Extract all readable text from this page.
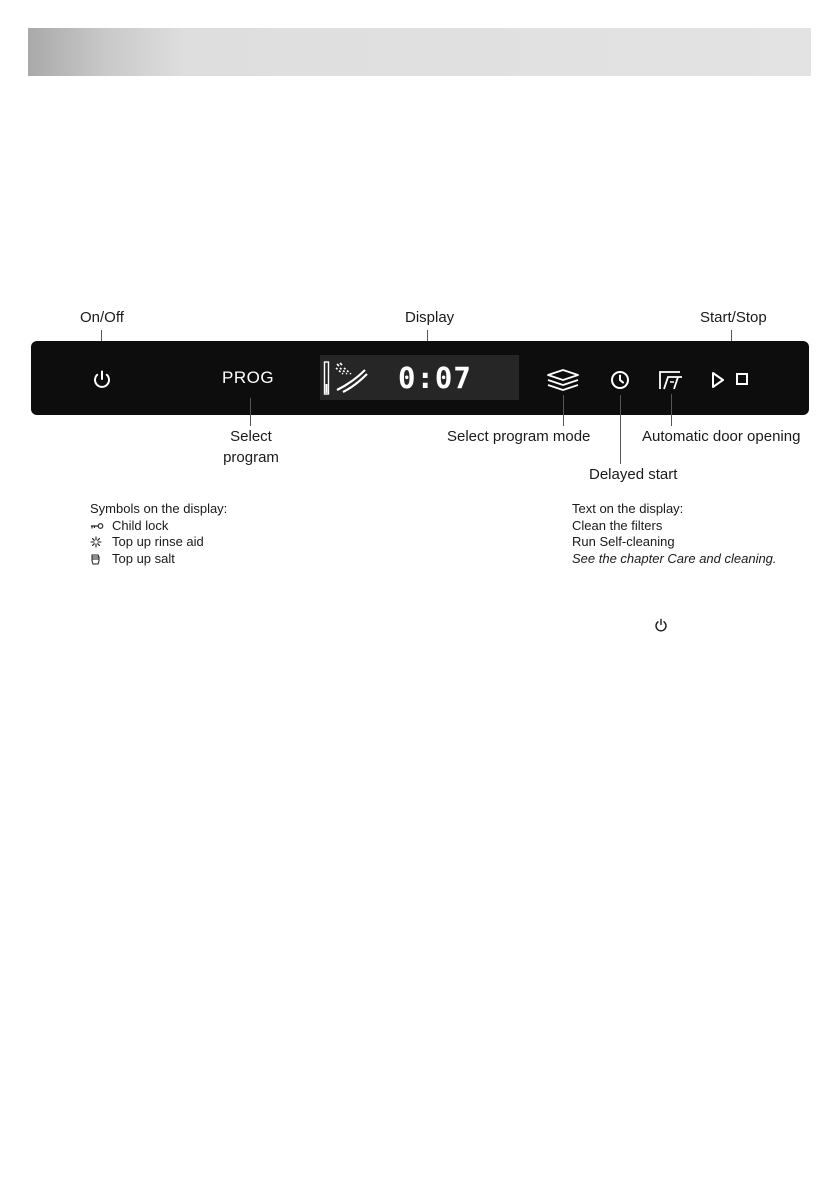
On/Off	Display	Start/Stop
PROG	0:07
Select
program
Select program mode
Delayed start
Automatic door opening
Symbols on the display:
Child lock
Top up rinse aid
Top up salt
Text on the display:
Clean the filters
Run Self-cleaning
See the chapter Care and cleaning.
